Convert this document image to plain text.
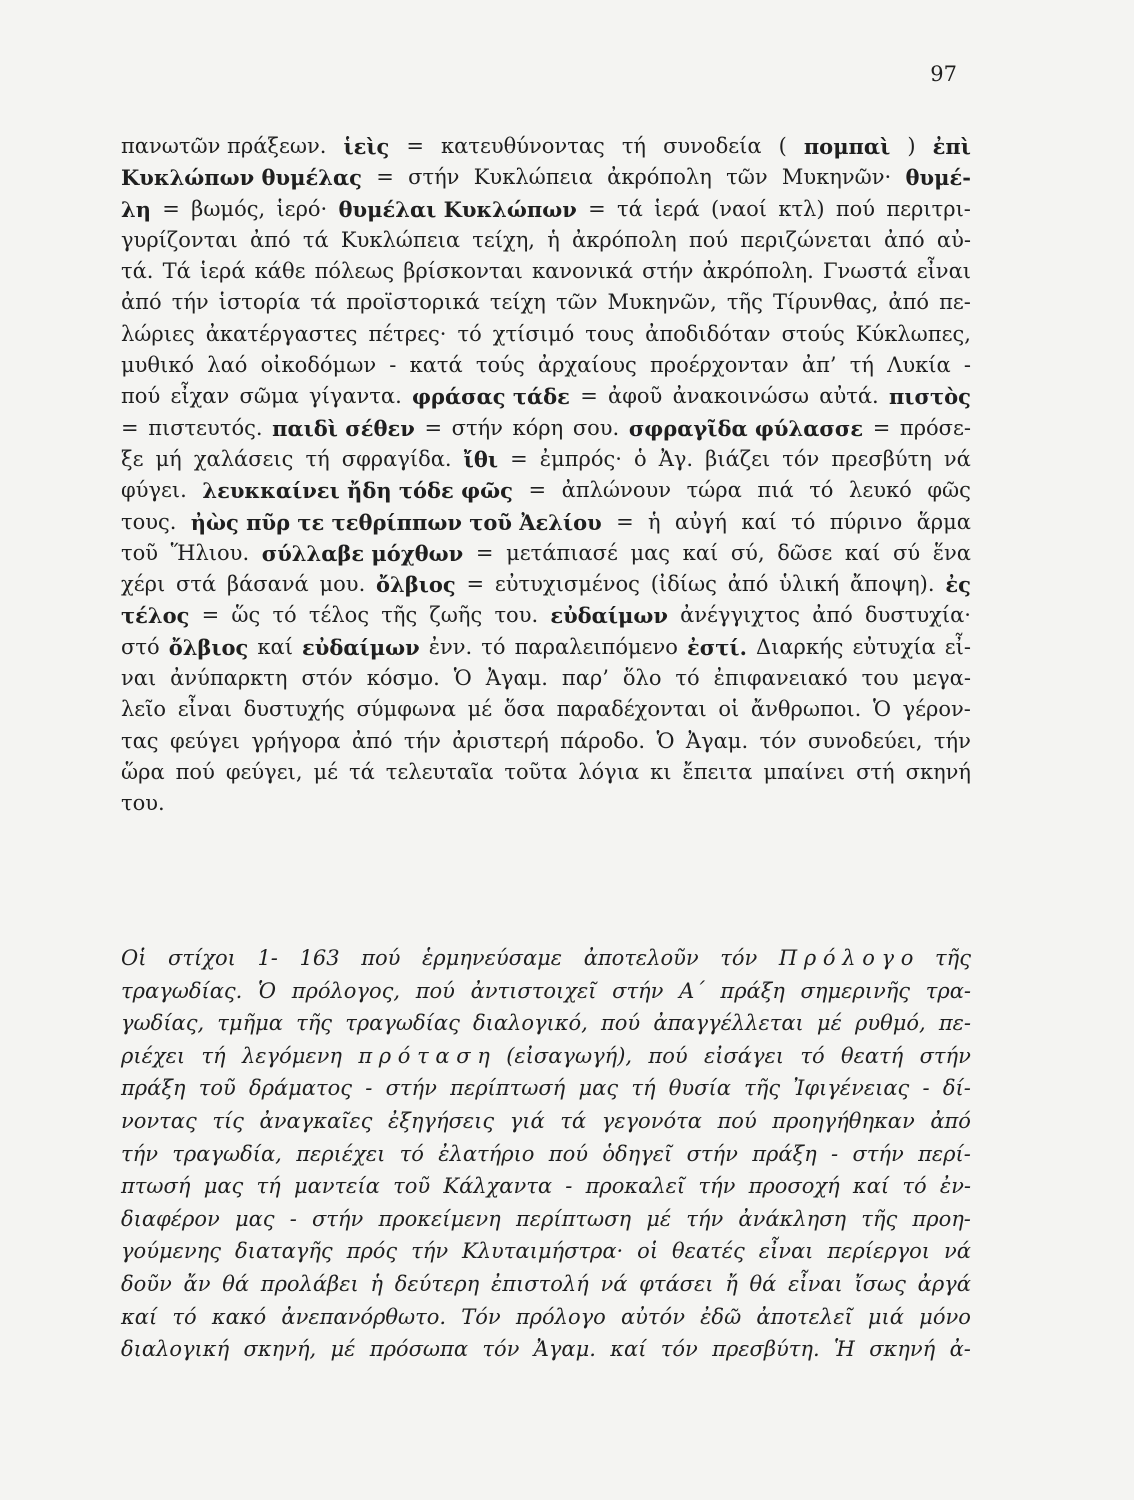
97
πανωτῶν πράξεων. ἱεὶς = κατευθύνοντας τή συνοδεία ( πομπαὶ ) ἐπὶ
Κυκλώπων θυμέλας = στήν Κυκλώπεια ἀκρόπολη τῶν Μυκηνῶν· θυμέ-
λη = βωμός, ἱερό· θυμέλαι Κυκλώπων = τά ἱερά (ναοί κτλ) πού περιτρι-
γυρίζονται ἀπό τά Κυκλώπεια τείχη, ἡ ἀκρόπολη πού περιζώνεται ἀπό αὐ-
τά. Τά ἱερά κάθε πόλεως βρίσκονται κανονικά στήν ἀκρόπολη. Γνωστά εἶναι
ἀπό τήν ἱστορία τά προϊστορικά τείχη τῶν Μυκηνῶν, τῆς Τίρυνθας, ἀπό πε-
λώριες ἀκατέργαστες πέτρες· τό χτίσιμό τους ἀποδιδόταν στούς Κύκλωπες,
μυθικό λαό οἰκοδόμων - κατά τούς ἀρχαίους προέρχονταν ἀπ’ τή Λυκία -
πού εἶχαν σῶμα γίγαντα. φράσας τάδε = ἀφοῦ ἀνακοινώσω αὐτά. πιστὸς
= πιστευτός. παιδὶ σέθεν = στήν κόρη σου. σφραγῖδα φύλασσε = πρόσε-
ξε μή χαλάσεις τή σφραγίδα. ἴθι = ἐμπρός· ὁ Ἀγ. βιάζει τόν πρεσβύτη νά
φύγει. λευκκαίνει ἤδη τόδε φῶς = ἀπλώνουν τώρα πιά τό λευκό φῶς
τους. ἠὼς πῦρ τε τεθρίππων τοῦ Ἀελίου = ἡ αὐγή καί τό πύρινο ἅρμα
τοῦ Ἥλιου. σύλλαβε μόχθων = μετάπιασέ μας καί σύ, δῶσε καί σύ ἕνα
χέρι στά βάσανά μου. ὄλβιος = εὐτυχισμένος (ἰδίως ἀπό ὑλική ἄποψη). ἐς
τέλος = ὥς τό τέλος τῆς ζωῆς του. εὐδαίμων ἀνέγγιχτος ἀπό δυστυχία·
στό ὄλβιος καί εὐδαίμων ἐνν. τό παραλειπόμενο ἐστί. Διαρκής εὐτυχία εἶ-
ναι ἀνύπαρκτη στόν κόσμο. Ὁ Ἀγαμ. παρ’ ὅλο τό ἐπιφανειακό του μεγα-
λεῖο εἶναι δυστυχής σύμφωνα μέ ὅσα παραδέχονται οἱ ἄνθρωποι. Ὁ γέρον-
τας φεύγει γρήγορα ἀπό τήν ἀριστερή πάροδο. Ὁ Ἀγαμ. τόν συνοδεύει, τήν
ὥρα πού φεύγει, μέ τά τελευταῖα τοῦτα λόγια κι ἔπειτα μπαίνει στή σκηνή
του.
Οἱ στίχοι 1- 163 πού ἑρμηνεύσαμε ἀποτελοῦν τόν Π ρ ό λ ο γ ο τῆς
τραγωδίας. Ὁ πρόλογος, πού ἀντιστοιχεῖ στήν Α΄ πράξη σημερινῆς τρα-
γωδίας, τμῆμα τῆς τραγωδίας διαλογικό, πού ἀπαγγέλλεται μέ ρυθμό, πε-
ριέχει τή λεγόμενη π ρ ό τ α σ η (εἰσαγωγή), πού εἰσάγει τό θεατή στήν
πράξη τοῦ δράματος - στήν περίπτωσή μας τή θυσία τῆς Ἰφιγένειας - δί-
νοντας τίς ἀναγκαῖες ἐξηγήσεις γιά τά γεγονότα πού προηγήθηκαν ἀπό
τήν τραγωδία, περιέχει τό ἐλατήριο πού ὁδηγεῖ στήν πράξη - στήν περί-
πτωσή μας τή μαντεία τοῦ Κάλχαντα - προκαλεῖ τήν προσοχή καί τό ἐν-
διαφέρον μας - στήν προκείμενη περίπτωση μέ τήν ἀνάκληση τῆς προη-
γούμενης διαταγῆς πρός τήν Κλυταιμήστρα· οἱ θεατές εἶναι περίεργοι νά
δοῦν ἄν θά προλάβει ἡ δεύτερη ἐπιστολή νά φτάσει ἤ θά εἶναι ἴσως ἀργά
καί τό κακό ἀνεπανόρθωτο. Τόν πρόλογο αὐτόν ἐδῶ ἀποτελεῖ μιά μόνο
διαλογική σκηνή, μέ πρόσωπα τόν Ἀγαμ. καί τόν πρεσβύτη. Ἡ σκηνή ἀ-
